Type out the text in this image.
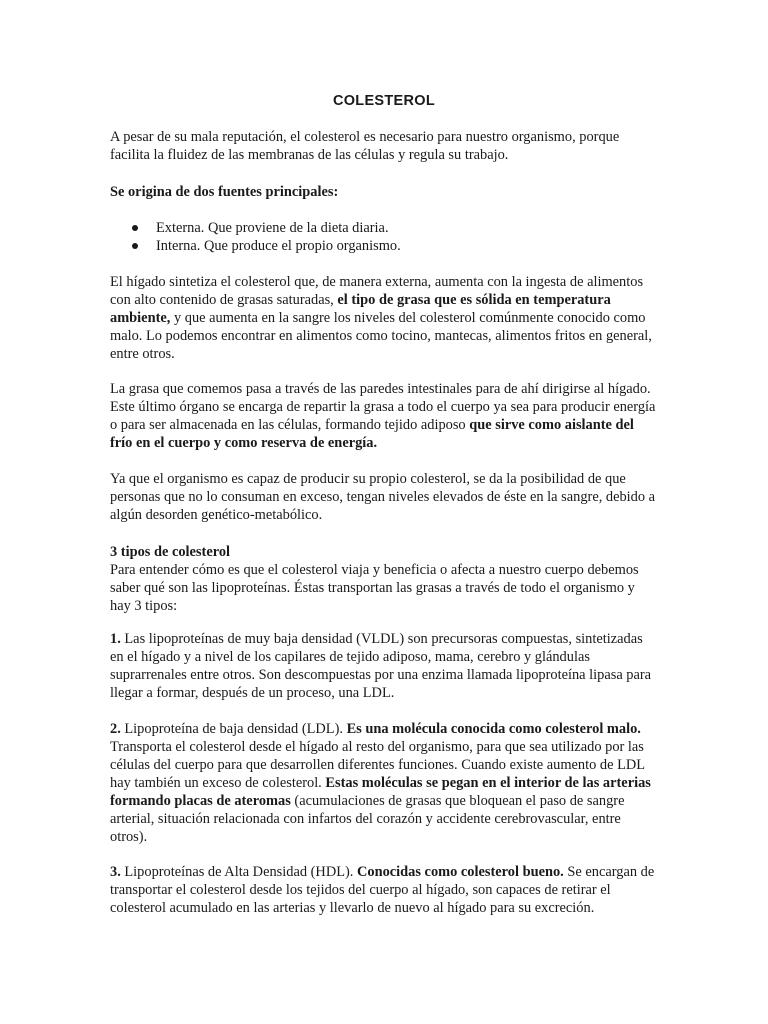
COLESTEROL

A pesar de su mala reputación, el colesterol es necesario para nuestro organismo, porque facilita la fluidez de las membranas de las células y regula su trabajo.

Se origina de dos fuentes principales:

Externa. Que proviene de la dieta diaria.
Interna. Que produce el propio organismo.

El hígado sintetiza el colesterol que, de manera externa, aumenta con la ingesta de alimentos con alto contenido de grasas saturadas, el tipo de grasa que es sólida en temperatura ambiente, y que aumenta en la sangre los niveles del colesterol comúnmente conocido como malo. Lo podemos encontrar en alimentos como tocino, mantecas, alimentos fritos en general, entre otros.

La grasa que comemos pasa a través de las paredes intestinales para de ahí dirigirse al hígado. Este último órgano se encarga de repartir la grasa a todo el cuerpo ya sea para producir energía o para ser almacenada en las células, formando tejido adiposo que sirve como aislante del frío en el cuerpo y como reserva de energía.

Ya que el organismo es capaz de producir su propio colesterol, se da la posibilidad de que personas que no lo consuman en exceso, tengan niveles elevados de éste en la sangre, debido a algún desorden genético-metabólico.

3 tipos de colesterol

Para entender cómo es que el colesterol viaja y beneficia o afecta a nuestro cuerpo debemos saber qué son las lipoproteínas. Éstas transportan las grasas a través de todo el organismo y hay 3 tipos:

1. Las lipoproteínas de muy baja densidad (VLDL) son precursoras compuestas, sintetizadas en el hígado y a nivel de los capilares de tejido adiposo, mama, cerebro y glándulas suprarrenales entre otros. Son descompuestas por una enzima llamada lipoproteína lipasa para llegar a formar, después de un proceso, una LDL.

2. Lipoproteína de baja densidad (LDL). Es una molécula conocida como colesterol malo. Transporta el colesterol desde el hígado al resto del organismo, para que sea utilizado por las células del cuerpo para que desarrollen diferentes funciones. Cuando existe aumento de LDL hay también un exceso de colesterol. Estas moléculas se pegan en el interior de las arterias formando placas de ateromas (acumulaciones de grasas que bloquean el paso de sangre arterial, situación relacionada con infartos del corazón y accidente cerebrovascular, entre otros).

3. Lipoproteínas de Alta Densidad (HDL). Conocidas como colesterol bueno. Se encargan de transportar el colesterol desde los tejidos del cuerpo al hígado, son capaces de retirar el colesterol acumulado en las arterias y llevarlo de nuevo al hígado para su excreción.
